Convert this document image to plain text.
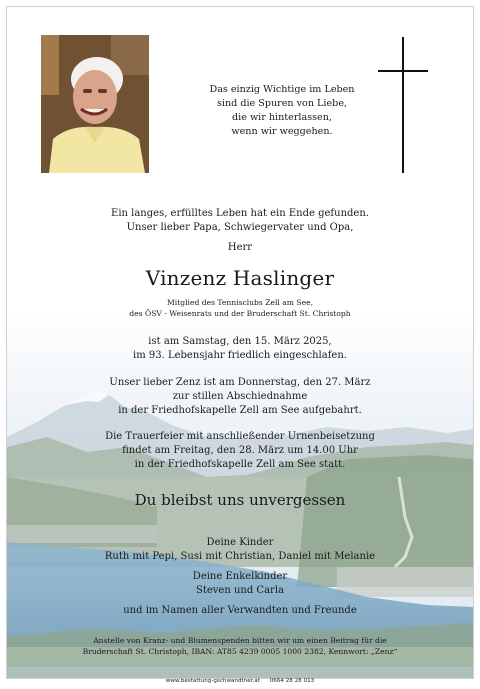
Das einzig Wichtige im Leben
sind die Spuren von Liebe,
die wir hinterlassen,
wenn wir weggehen.
Ein langes, erfülltes Leben hat ein Ende gefunden.
Unser lieber Papa, Schwiegervater und Opa,
Herr
Vinzenz Haslinger
Mitglied des Tennisclubs Zell am See,
des ÖSV - Weisenrats und der Bruderschaft St. Christoph
ist am Samstag, den 15. März 2025,
im 93. Lebensjahr friedlich eingeschlafen.
Unser lieber Zenz ist am Donnerstag, den 27. März
zur stillen Abschiednahme
in der Friedhofskapelle Zell am See aufgebahrt.
Die Trauerfeier mit anschließender Urnenbeisetzung
findet am Freitag, den 28. März um 14.00 Uhr
in der Friedhofskapelle Zell am See statt.
Du bleibst uns unvergessen
Deine Kinder
Ruth mit Pepi, Susi mit Christian, Daniel mit Melanie
Deine Enkelkinder
Steven und Carla
und im Namen aller Verwandten und Freunde
Anstelle von Kranz- und Blumenspenden bitten wir um einen Beitrag für die
Bruderschaft St. Christoph, IBAN: AT85 4239 0005 1000 2382, Kennwort: „Zenz“
www.bestattung-gschwandtner.at 0664 28 28 013
